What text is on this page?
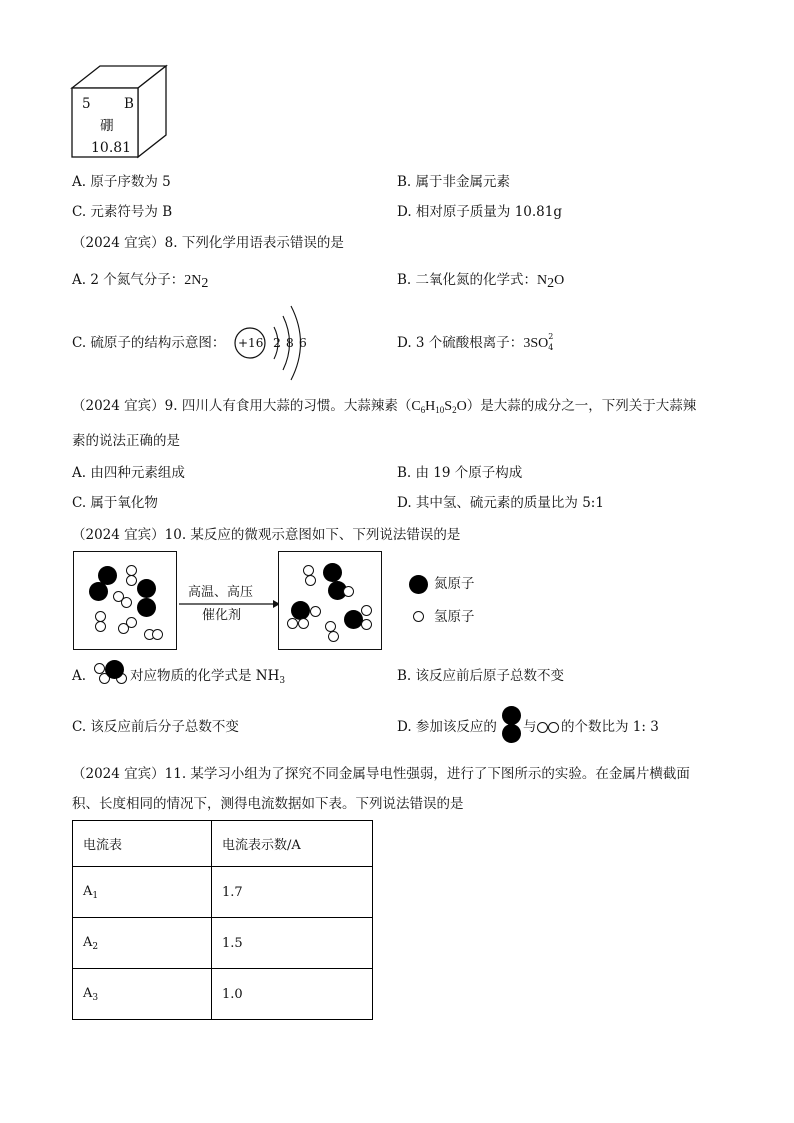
5 B
硼
10.81
A. 原子序数为 5	B. 属于非金属元素
C. 元素符号为 B	D. 相对原子质量为 10.81g
（2024 宜宾）8. 下列化学用语表示错误的是
A. 2 个氮气分子：2N2	B. 二氧化氮的化学式：N2O
C. 硫原子的结构示意图： +16 2 8 6	D. 3 个硫酸根离子：3SO 2
4
（2024 宜宾）9. 四川人有食用大蒜的习惯。大蒜辣素$(C_6H_{10}S_2O)$是大蒜的成分之一，下列关于大蒜辣
素的说法正确的是
A. 由四种元素组成	B. 由 19 个原子构成
C. 属于氧化物	D. 其中氢、硫元素的质量比为 5:1
（2024 宜宾）10. 某反应的微观示意图如下、下列说法错误的是
高温、高压
催化剂
氮原子
氢原子
A.	对应物质的化学式是 $NH_3$	B. 该反应前后原子总数不变
C. 该反应前后分子总数不变	D. 参加该反应的 与 的个数比为 1: 3
（2024 宜宾）11. 某学习小组为了探究不同金属导电性强弱，进行了下图所示的实验。在金属片横截面
积、长度相同的情况下，测得电流数据如下表。下列说法错误的是
电流表	电流表示数/A
$A_1$	1.7
$A_2$	1.5
$A_3$	1.0
